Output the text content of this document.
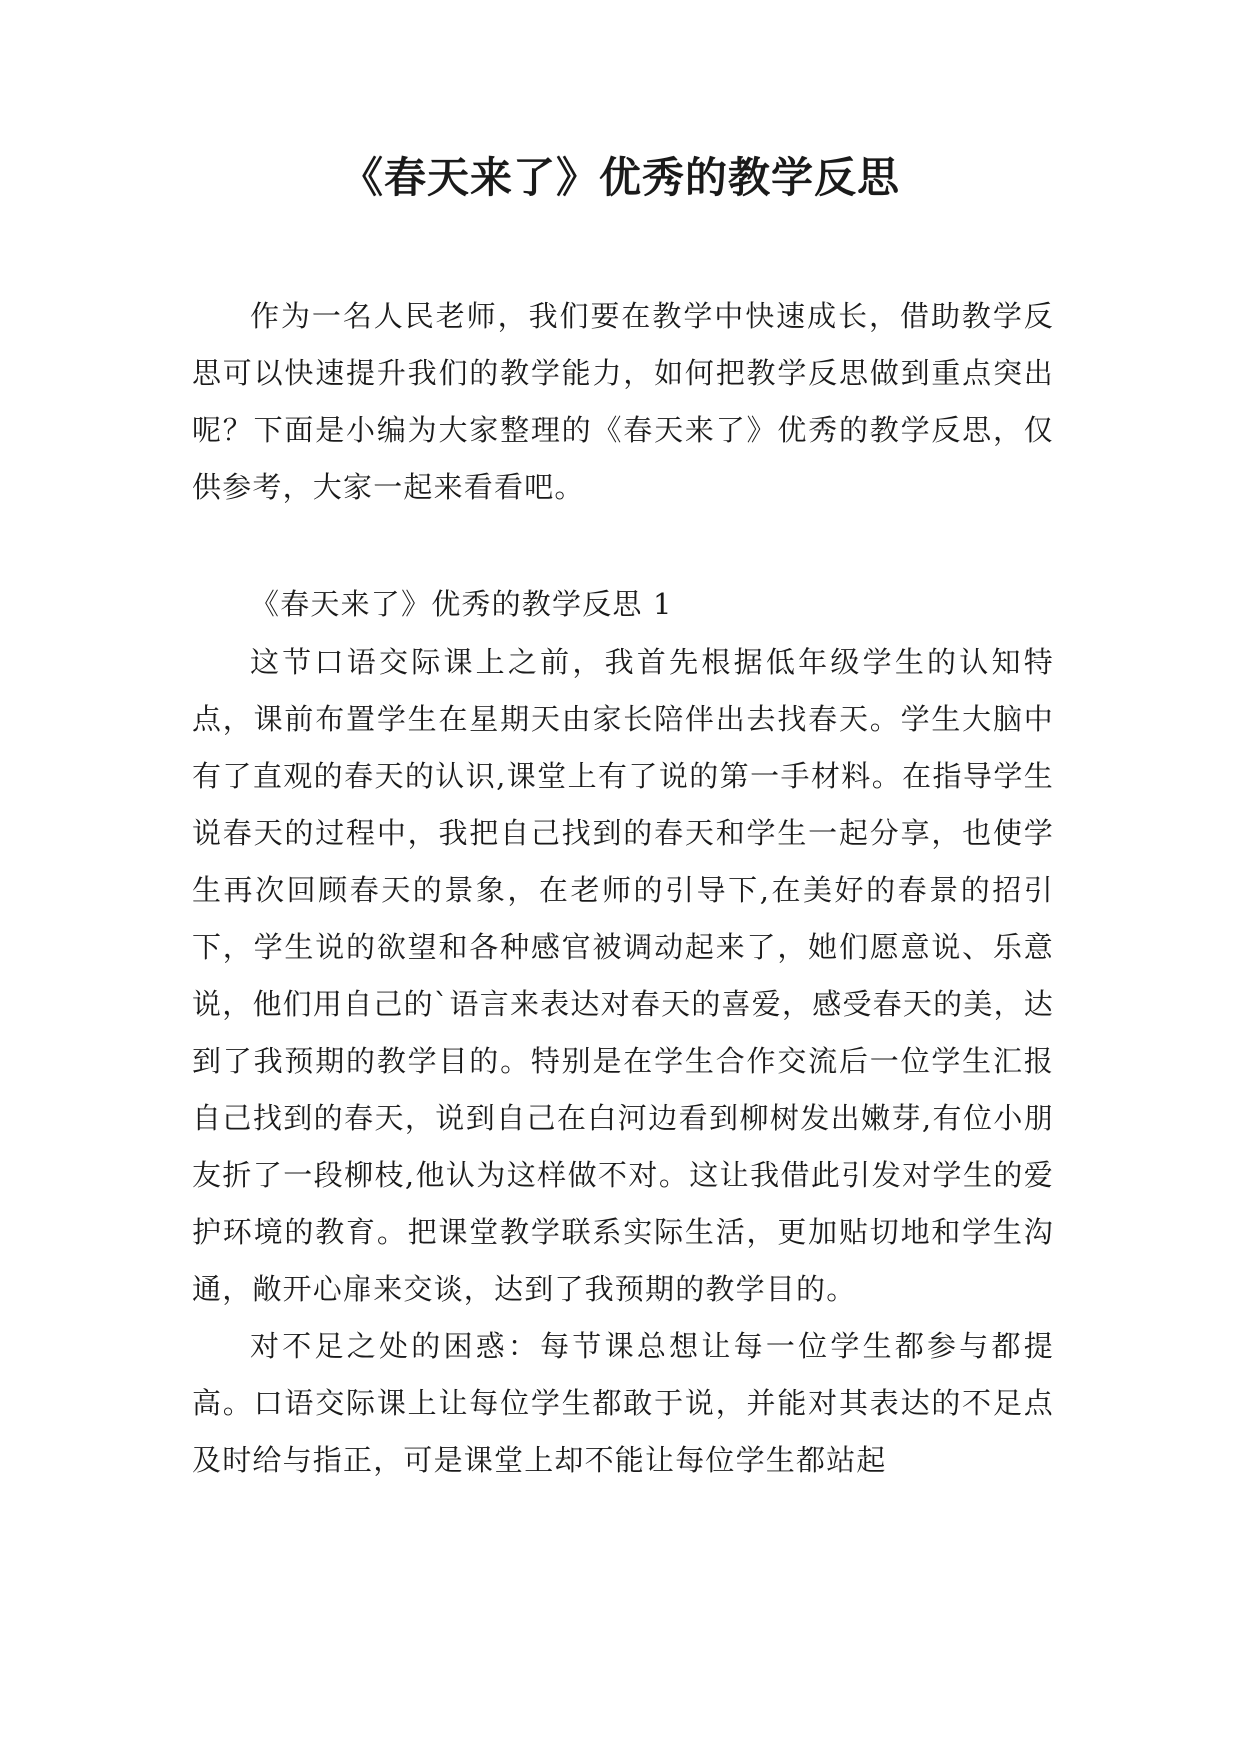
《春天来了》优秀的教学反思

作为一名人民老师，我们要在教学中快速成长，借助教学反思可以快速提升我们的教学能力，如何把教学反思做到重点突出呢？下面是小编为大家整理的《春天来了》优秀的教学反思，仅供参考，大家一起来看看吧。

《春天来了》优秀的教学反思 1

这节口语交际课上之前，我首先根据低年级学生的认知特点，课前布置学生在星期天由家长陪伴出去找春天。学生大脑中有了直观的春天的认识,课堂上有了说的第一手材料。在指导学生说春天的过程中，我把自己找到的春天和学生一起分享，也使学生再次回顾春天的景象，在老师的引导下,在美好的春景的招引下，学生说的欲望和各种感官被调动起来了，她们愿意说、乐意说，他们用自己的`语言来表达对春天的喜爱，感受春天的美，达到了我预期的教学目的。特别是在学生合作交流后一位学生汇报自己找到的春天，说到自己在白河边看到柳树发出嫩芽,有位小朋友折了一段柳枝,他认为这样做不对。这让我借此引发对学生的爱护环境的教育。把课堂教学联系实际生活，更加贴切地和学生沟通，敞开心扉来交谈，达到了我预期的教学目的。

对不足之处的困惑：每节课总想让每一位学生都参与都提高。口语交际课上让每位学生都敢于说，并能对其表达的不足点及时给与指正，可是课堂上却不能让每位学生都站起
